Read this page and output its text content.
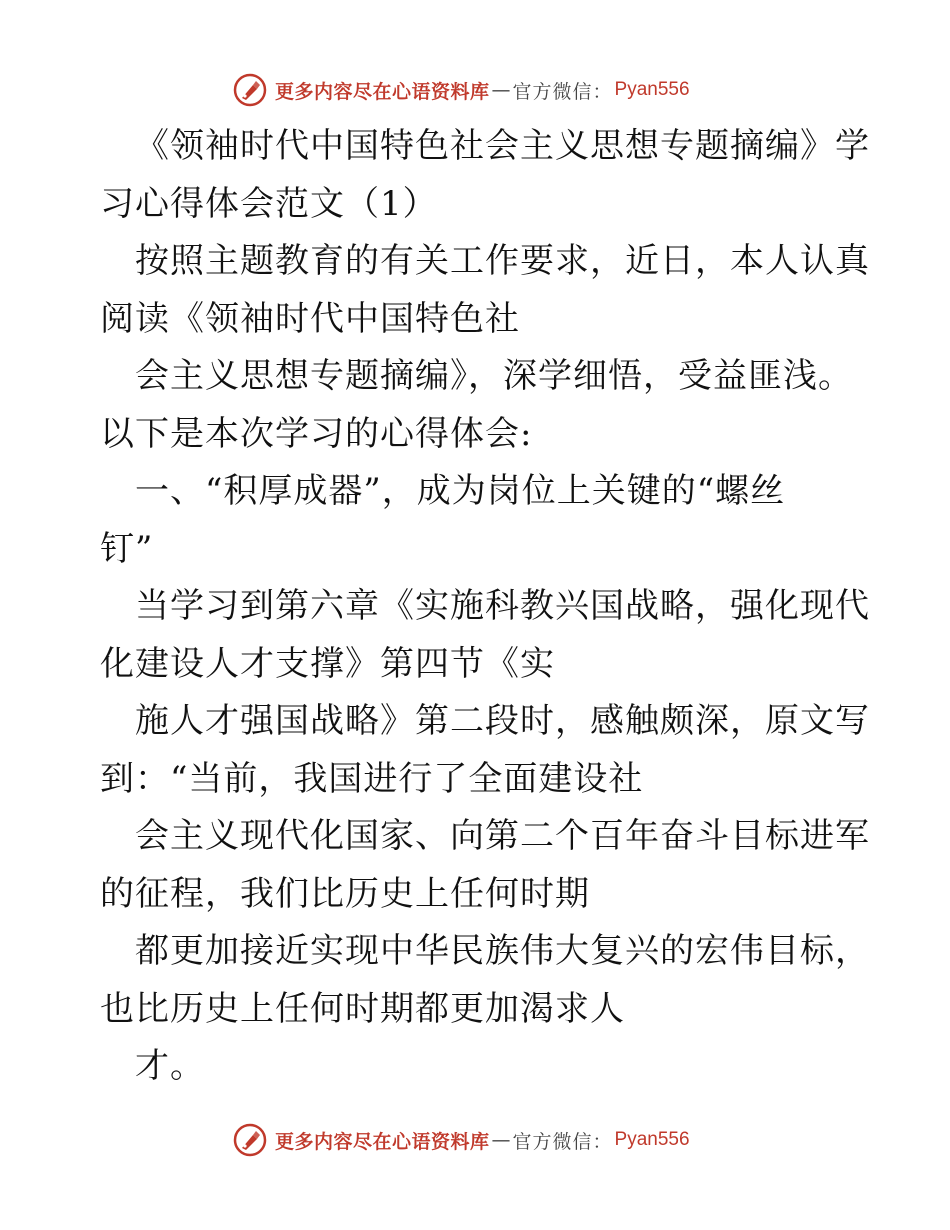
更多内容尽在心语资料库 — 官方微信： Pyan556
《领袖时代中国特色社会主义思想专题摘编》学
习心得体会范文（1）
按照主题教育的有关工作要求，近日，本人认真
阅读《领袖时代中国特色社
会主义思想专题摘编》，深学细悟，受益匪浅。
以下是本次学习的心得体会:
一、“积厚成器”，成为岗位上关键的“螺丝
钉”
当学习到第六章《实施科教兴国战略，强化现代
化建设人才支撑》第四节《实
施人才强国战略》第二段时，感触颇深，原文写
到：“当前，我国进行了全面建设社
会主义现代化国家、向第二个百年奋斗目标进军
的征程，我们比历史上任何时期
都更加接近实现中华民族伟大复兴的宏伟目标，
也比历史上任何时期都更加渴求人
才。
更多内容尽在心语资料库 — 官方微信： Pyan556
